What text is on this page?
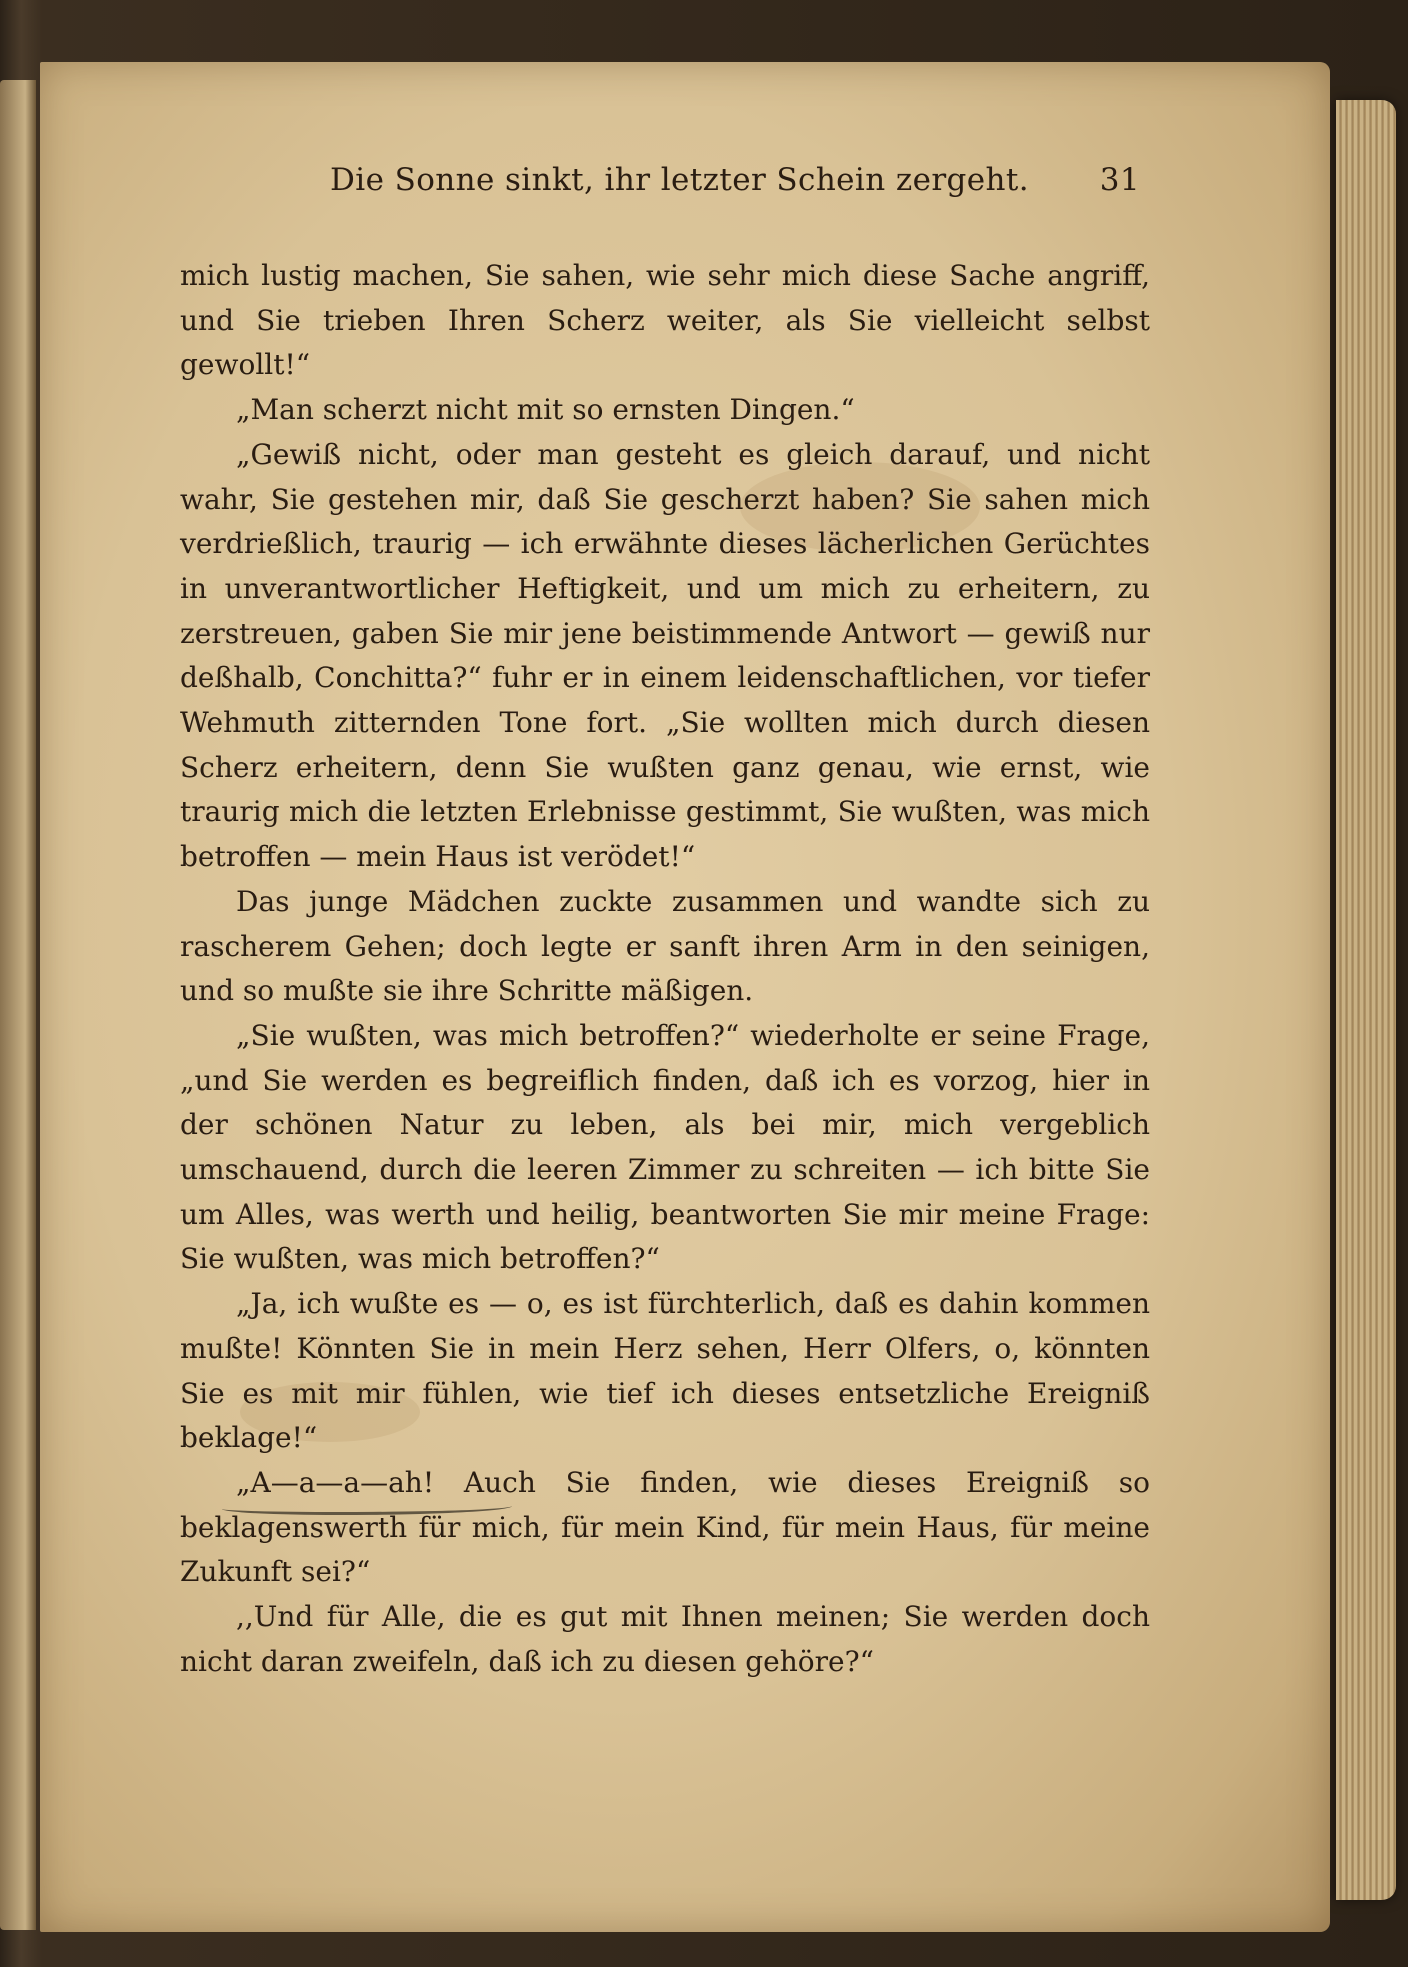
Die Sonne sinkt, ihr letzter Schein zergeht. 31

mich lustig machen, Sie sahen, wie sehr mich diese Sache angriff, und Sie trieben Ihren Scherz weiter, als Sie vielleicht selbst gewollt!“

„Man scherzt nicht mit so ernsten Dingen.“

„Gewiß nicht, oder man gesteht es gleich darauf, und nicht wahr, Sie gestehen mir, daß Sie gescherzt haben? Sie sahen mich verdrießlich, traurig — ich erwähnte dieses lächerlichen Gerüchtes in unverantwortlicher Heftigkeit, und um mich zu erheitern, zu zerstreuen, gaben Sie mir jene beistimmende Antwort — gewiß nur deßhalb, Conchitta?“ fuhr er in einem leidenschaftlichen, vor tiefer Wehmuth zitternden Tone fort. „Sie wollten mich durch diesen Scherz erheitern, denn Sie wußten ganz genau, wie ernst, wie traurig mich die letzten Erlebnisse gestimmt, Sie wußten, was mich betroffen — mein Haus ist verödet!“

Das junge Mädchen zuckte zusammen und wandte sich zu rascherem Gehen; doch legte er sanft ihren Arm in den seinigen, und so mußte sie ihre Schritte mäßigen.

„Sie wußten, was mich betroffen?“ wiederholte er seine Frage, „und Sie werden es begreiflich finden, daß ich es vorzog, hier in der schönen Natur zu leben, als bei mir, mich vergeblich umschauend, durch die leeren Zimmer zu schreiten — ich bitte Sie um Alles, was werth und heilig, beantworten Sie mir meine Frage: Sie wußten, was mich betroffen?“

„Ja, ich wußte es — o, es ist fürchterlich, daß es dahin kommen mußte! Könnten Sie in mein Herz sehen, Herr Olfers, o, könnten Sie es mit mir fühlen, wie tief ich dieses entsetzliche Ereigniß beklage!“

„A—a—a—ah! Auch Sie finden, wie dieses Ereigniß so beklagenswerth für mich, für mein Kind, für mein Haus, für meine Zukunft sei?“

,,Und für Alle, die es gut mit Ihnen meinen; Sie werden doch nicht daran zweifeln, daß ich zu diesen gehöre?“
